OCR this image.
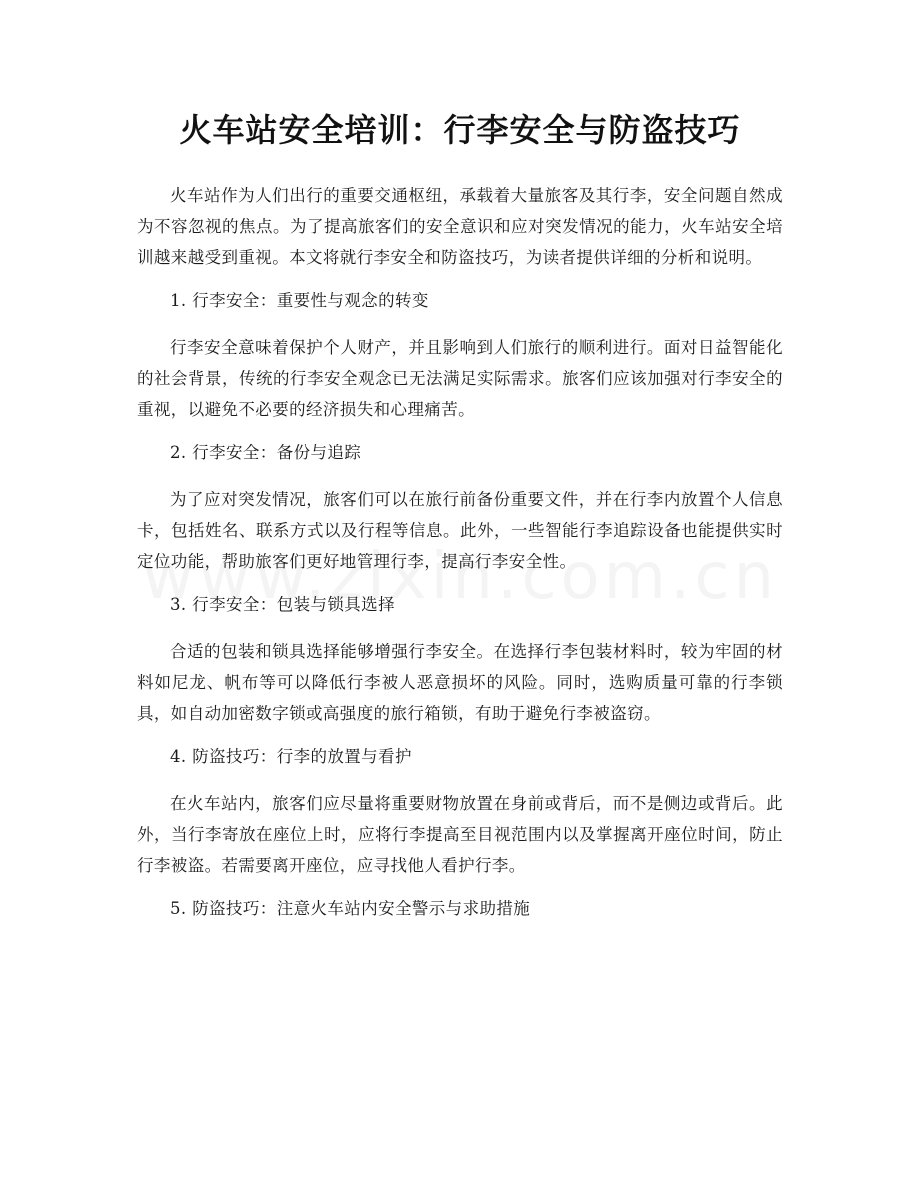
火车站安全培训：行李安全与防盗技巧

火车站作为人们出行的重要交通枢纽，承载着大量旅客及其行李，安全问题自然成为不容忽视的焦点。为了提高旅客们的安全意识和应对突发情况的能力，火车站安全培训越来越受到重视。本文将就行李安全和防盗技巧，为读者提供详细的分析和说明。

1. 行李安全：重要性与观念的转变

行李安全意味着保护个人财产，并且影响到人们旅行的顺利进行。面对日益智能化的社会背景，传统的行李安全观念已无法满足实际需求。旅客们应该加强对行李安全的重视，以避免不必要的经济损失和心理痛苦。

2. 行李安全：备份与追踪

为了应对突发情况，旅客们可以在旅行前备份重要文件，并在行李内放置个人信息卡，包括姓名、联系方式以及行程等信息。此外，一些智能行李追踪设备也能提供实时定位功能，帮助旅客们更好地管理行李，提高行李安全性。

3. 行李安全：包装与锁具选择

合适的包装和锁具选择能够增强行李安全。在选择行李包装材料时，较为牢固的材料如尼龙、帆布等可以降低行李被人恶意损坏的风险。同时，选购质量可靠的行李锁具，如自动加密数字锁或高强度的旅行箱锁，有助于避免行李被盗窃。

4. 防盗技巧：行李的放置与看护

在火车站内，旅客们应尽量将重要财物放置在身前或背后，而不是侧边或背后。此外，当行李寄放在座位上时，应将行李提高至目视范围内以及掌握离开座位时间，防止行李被盗。若需要离开座位，应寻找他人看护行李。

5. 防盗技巧：注意火车站内安全警示与求助措施
